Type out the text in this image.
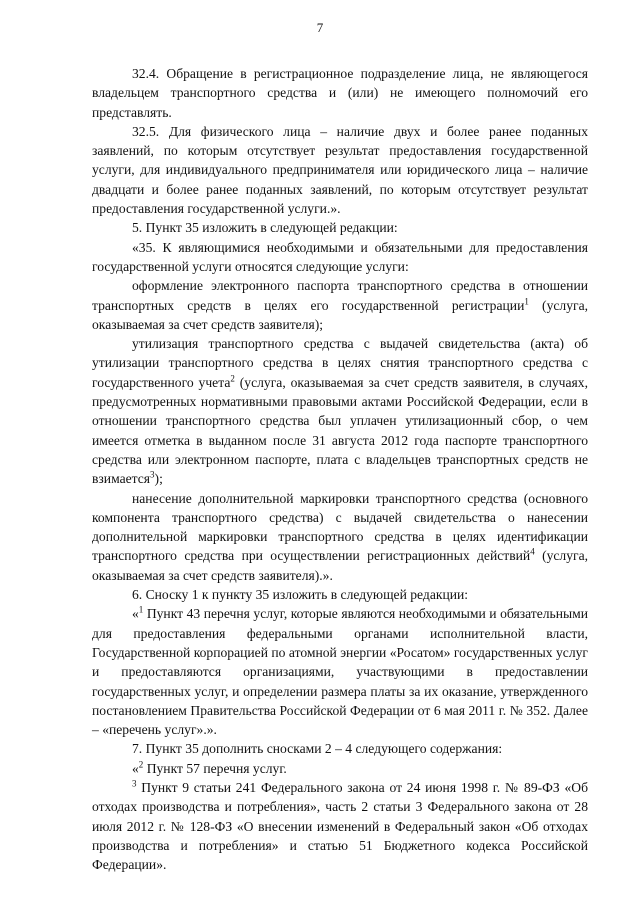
7

32.4. Обращение в регистрационное подразделение лица, не являющегося владельцем транспортного средства и (или) не имеющего полномочий его представлять.

32.5. Для физического лица – наличие двух и более ранее поданных заявлений, по которым отсутствует результат предоставления государственной услуги, для индивидуального предпринимателя или юридического лица – наличие двадцати и более ранее поданных заявлений, по которым отсутствует результат предоставления государственной услуги.».

5. Пункт 35 изложить в следующей редакции:

«35. К являющимися необходимыми и обязательными для предоставления государственной услуги относятся следующие услуги:

оформление электронного паспорта транспортного средства в отношении транспортных средств в целях его государственной регистрации$^1$ (услуга, оказываемая за счет средств заявителя);

утилизация транспортного средства с выдачей свидетельства (акта) об утилизации транспортного средства в целях снятия транспортного средства с государственного учета$^2$ (услуга, оказываемая за счет средств заявителя, в случаях, предусмотренных нормативными правовыми актами Российской Федерации, если в отношении транспортного средства был уплачен утилизационный сбор, о чем имеется отметка в выданном после 31 августа 2012 года паспорте транспортного средства или электронном паспорте, плата с владельцев транспортных средств не взимается$^3$);

нанесение дополнительной маркировки транспортного средства (основного компонента транспортного средства) с выдачей свидетельства о нанесении дополнительной маркировки транспортного средства в целях идентификации транспортного средства при осуществлении регистрационных действий$^4$ (услуга, оказываемая за счет средств заявителя).».

6. Сноску 1 к пункту 35 изложить в следующей редакции:

«$^1$ Пункт 43 перечня услуг, которые являются необходимыми и обязательными для предоставления федеральными органами исполнительной власти, Государственной корпорацией по атомной энергии «Росатом» государственных услуг и предоставляются организациями, участвующими в предоставлении государственных услуг, и определении размера платы за их оказание, утвержденного постановлением Правительства Российской Федерации от 6 мая 2011 г. № 352. Далее – «перечень услуг».».

7. Пункт 35 дополнить сносками 2 – 4 следующего содержания:

«$^2$ Пункт 57 перечня услуг.

$^3$ Пункт 9 статьи 241 Федерального закона от 24 июня 1998 г. № 89-ФЗ «Об отходах производства и потребления», часть 2 статьи 3 Федерального закона от 28 июля 2012 г. № 128-ФЗ «О внесении изменений в Федеральный закон «Об отходах производства и потребления» и статью 51 Бюджетного кодекса Российской Федерации».
